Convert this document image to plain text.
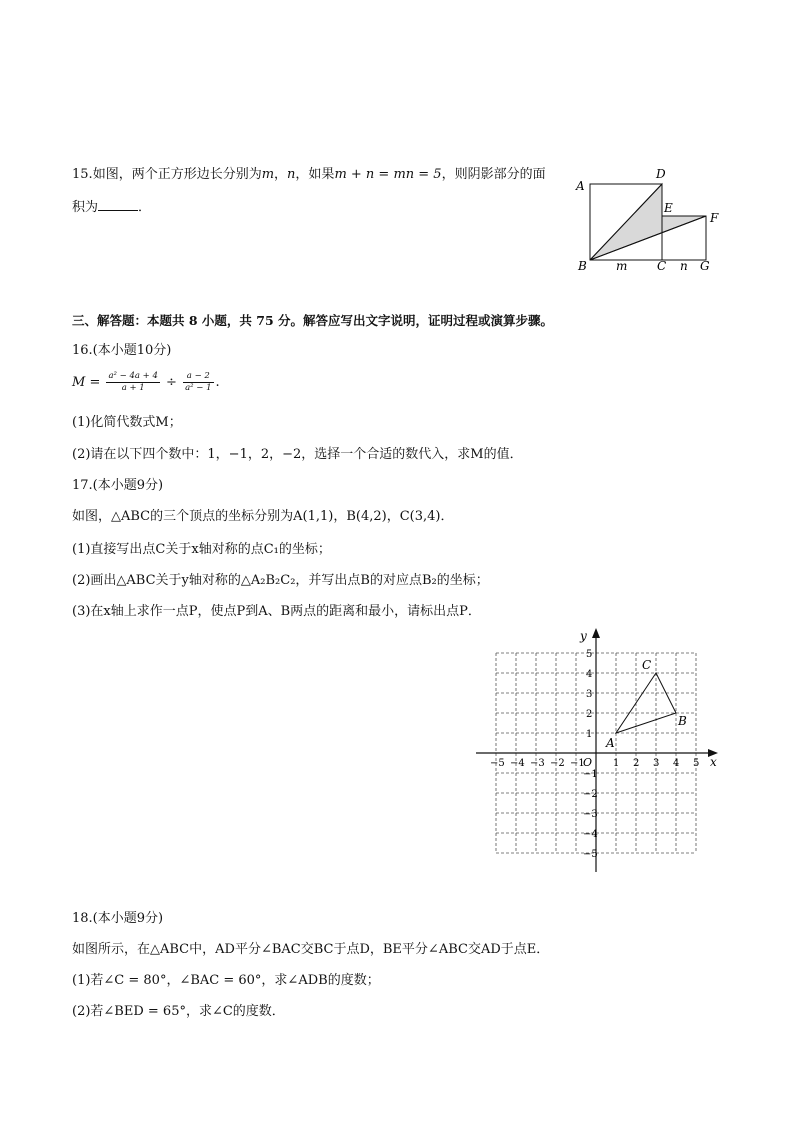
15.如图，两个正方形边长分别为m，n，如果m + n = mn = 5，则阴影部分的面
积为	．
A
D
E
F
B m C n G
三、解答题：本题共 8 小题，共 75 分。解答应写出文字说明，证明过程或演算步骤。
16.(本小题10分)
$M = \frac{\text{a² − 4a + 4}}{a + 1} \div \frac{a - 2}{\text{a² − 1}}$ .
(1)化简代数式M；
(2)请在以下四个数中：1，−1，2，−2，选择一个合适的数代入，求M的值．
17.(本小题9分)
如图，△ABC的三个顶点的坐标分别为A(1,1)，B(4,2)，C(3,4)．
(1)直接写出点C关于x轴对称的点C₁的坐标；
(2)画出△ABC关于y轴对称的△A₂B₂C₂，并写出点B的对应点B₂的坐标；
(3)在x轴上求作一点P，使点P到A、B两点的距离和最小，请标出点P．
x
y
O
−5 −4 −3 −2 −1	1 2 3 4 5
5
4
3
2
1
−1
−2
−3
−4
−5
A
B
C
18.(本小题9分)
如图所示，在△ABC中，AD平分∠BAC交BC于点D，BE平分∠ABC交AD于点E．
(1)若∠C = 80°，∠BAC = 60°，求∠ADB的度数；
(2)若∠BED = 65°，求∠C的度数．
